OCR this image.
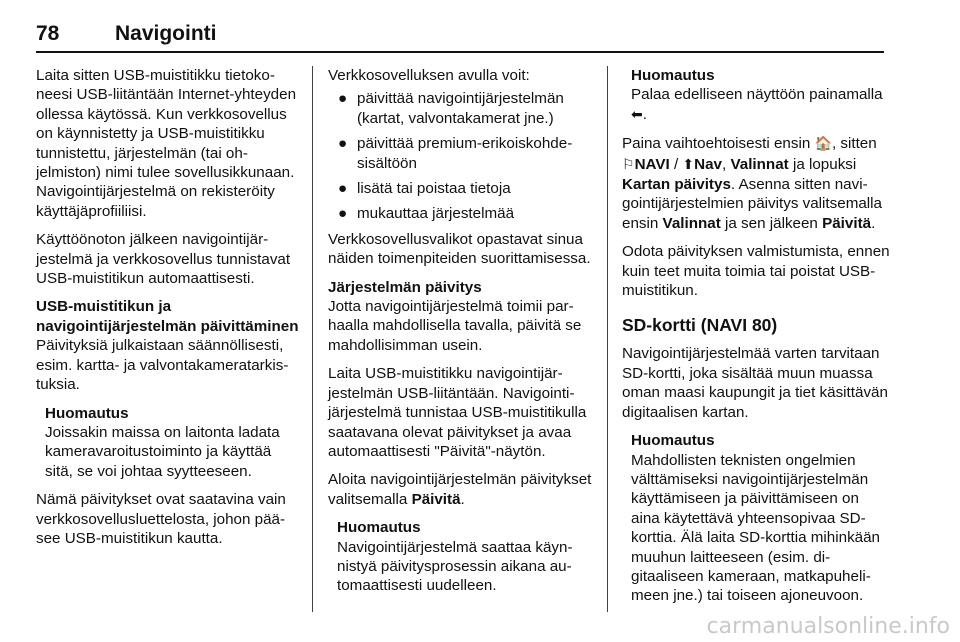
78	Navigointi

Laita sitten USB-muistitikku tietokoneesi USB-liitäntään Internet-yhteyden ollessa käytössä. Kun verkkosovellus on käynnistetty ja USB-muistitikku tunnistettu, järjestelmän (tai ohjelmiston) nimi tulee sovellusikkunaan. Navigointijärjestelmä on rekisteröity käyttäjäprofiiliisi.

Käyttöönoton jälkeen navigointijärjestelmä ja verkkosovellus tunnistavat USB-muistitikun automaattisesti.

USB-muistitikun ja
navigointijärjestelmän päivittäminen

Päivityksiä julkaistaan säännöllisesti, esim. kartta- ja valvontakameratarkistuksia.

Huomautus
Joissakin maissa on laitonta ladata kameravaroitustoiminto ja käyttää sitä, se voi johtaa syytteeseen.

Nämä päivitykset ovat saatavina vain verkkosovellusluettelosta, johon pääsee USB-muistitikun kautta.

Verkkosovelluksen avulla voit:

● päivittää navigointijärjestelmän (kartat, valvontakamerat jne.)
● päivittää premium-erikoiskohdesisältöön
● lisätä tai poistaa tietoja
● mukauttaa järjestelmää

Verkkosovellusvalikot opastavat sinua näiden toimenpiteiden suorittamisessa.

Järjestelmän päivitys

Jotta navigointijärjestelmä toimii parhaalla mahdollisella tavalla, päivitä se mahdollisimman usein.

Laita USB-muistitikku navigointijärjestelmän USB-liitäntään. Navigointijärjestelmä tunnistaa USB-muistitikulla saatavana olevat päivitykset ja avaa automaattisesti "Päivitä"-näytön.

Aloita navigointijärjestelmän päivitykset valitsemalla Päivitä.

Huomautus
Navigointijärjestelmä saattaa käynnistyä päivitysprosessin aikana automaattisesti uudelleen.
Huomautus
Palaa edelliseen näyttöön painamalla ⬅.

Paina vaihtoehtoisesti ensin 🏠, sitten ⚐NAVI / ⬆Nav, Valinnat ja lopuksi Kartan päivitys. Asenna sitten navigointijärjestelmien päivitys valitsemalla ensin Valinnat ja sen jälkeen Päivitä.

Odota päivityksen valmistumista, ennen kuin teet muita toimia tai poistat USB-muistitikun.

SD-kortti (NAVI 80)

Navigointijärjestelmää varten tarvitaan SD-kortti, joka sisältää muun muassa oman maasi kaupungit ja tiet käsittävän digitaalisen kartan.

Huomautus
Mahdollisten teknisten ongelmien välttämiseksi navigointijärjestelmän käyttämiseen ja päivittämiseen on aina käytettävä yhteensopivaa SD-korttia. Älä laita SD-korttia mihinkään muuhun laitteeseen (esim. digitaaliseen kameraan, matkapuhelimeen jne.) tai toiseen ajoneuvoon.
carmanualsonline.info
